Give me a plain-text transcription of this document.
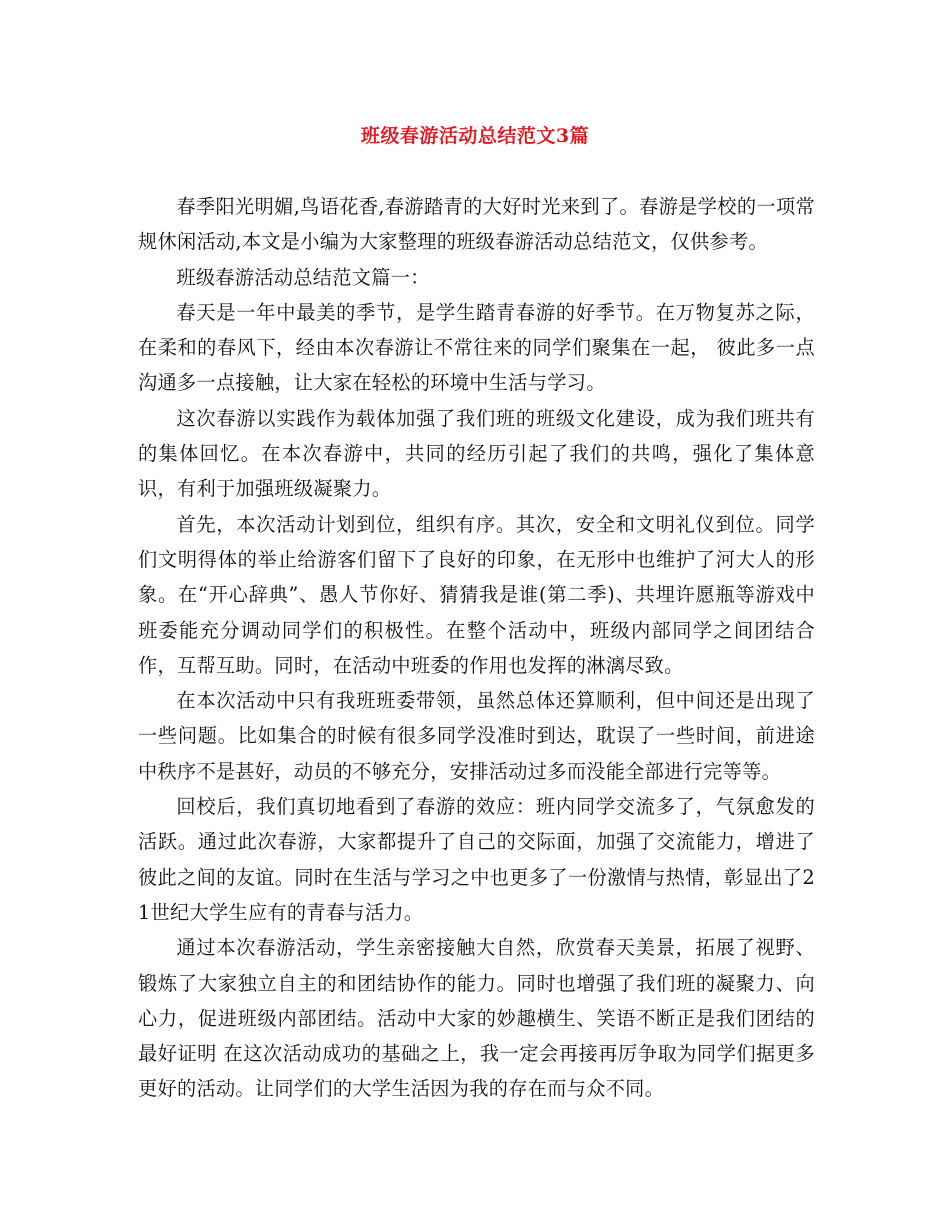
班级春游活动总结范文3篇

春季阳光明媚,鸟语花香,春游踏青的大好时光来到了。春游是学校的一项常规休闲活动,本文是小编为大家整理的班级春游活动总结范文，仅供参考。

班级春游活动总结范文篇一：

春天是一年中最美的季节，是学生踏青春游的好季节。在万物复苏之际，在柔和的春风下，经由本次春游让不常往来的同学们聚集在一起， 彼此多一点沟通多一点接触，让大家在轻松的环境中生活与学习。

这次春游以实践作为载体加强了我们班的班级文化建设，成为我们班共有的集体回忆。在本次春游中，共同的经历引起了我们的共鸣，强化了集体意识，有利于加强班级凝聚力。

首先，本次活动计划到位，组织有序。其次，安全和文明礼仪到位。同学们文明得体的举止给游客们留下了良好的印象，在无形中也维护了河大人的形象。在“开心辞典”、愚人节你好、猜猜我是谁(第二季)、共埋许愿瓶等游戏中班委能充分调动同学们的积极性。在整个活动中，班级内部同学之间团结合作，互帮互助。同时，在活动中班委的作用也发挥的淋漓尽致。

在本次活动中只有我班班委带领，虽然总体还算顺利，但中间还是出现了一些问题。比如集合的时候有很多同学没准时到达，耽误了一些时间，前进途中秩序不是甚好，动员的不够充分，安排活动过多而没能全部进行完等等。

回校后，我们真切地看到了春游的效应：班内同学交流多了，气氛愈发的活跃。通过此次春游，大家都提升了自己的交际面，加强了交流能力，增进了彼此之间的友谊。同时在生活与学习之中也更多了一份激情与热情，彰显出了21世纪大学生应有的青春与活力。

通过本次春游活动，学生亲密接触大自然，欣赏春天美景，拓展了视野、锻炼了大家独立自主的和团结协作的能力。同时也增强了我们班的凝聚力、向心力，促进班级内部团结。活动中大家的妙趣横生、笑语不断正是我们团结的最好证明 在这次活动成功的基础之上，我一定会再接再厉争取为同学们据更多更好的活动。让同学们的大学生活因为我的存在而与众不同。
